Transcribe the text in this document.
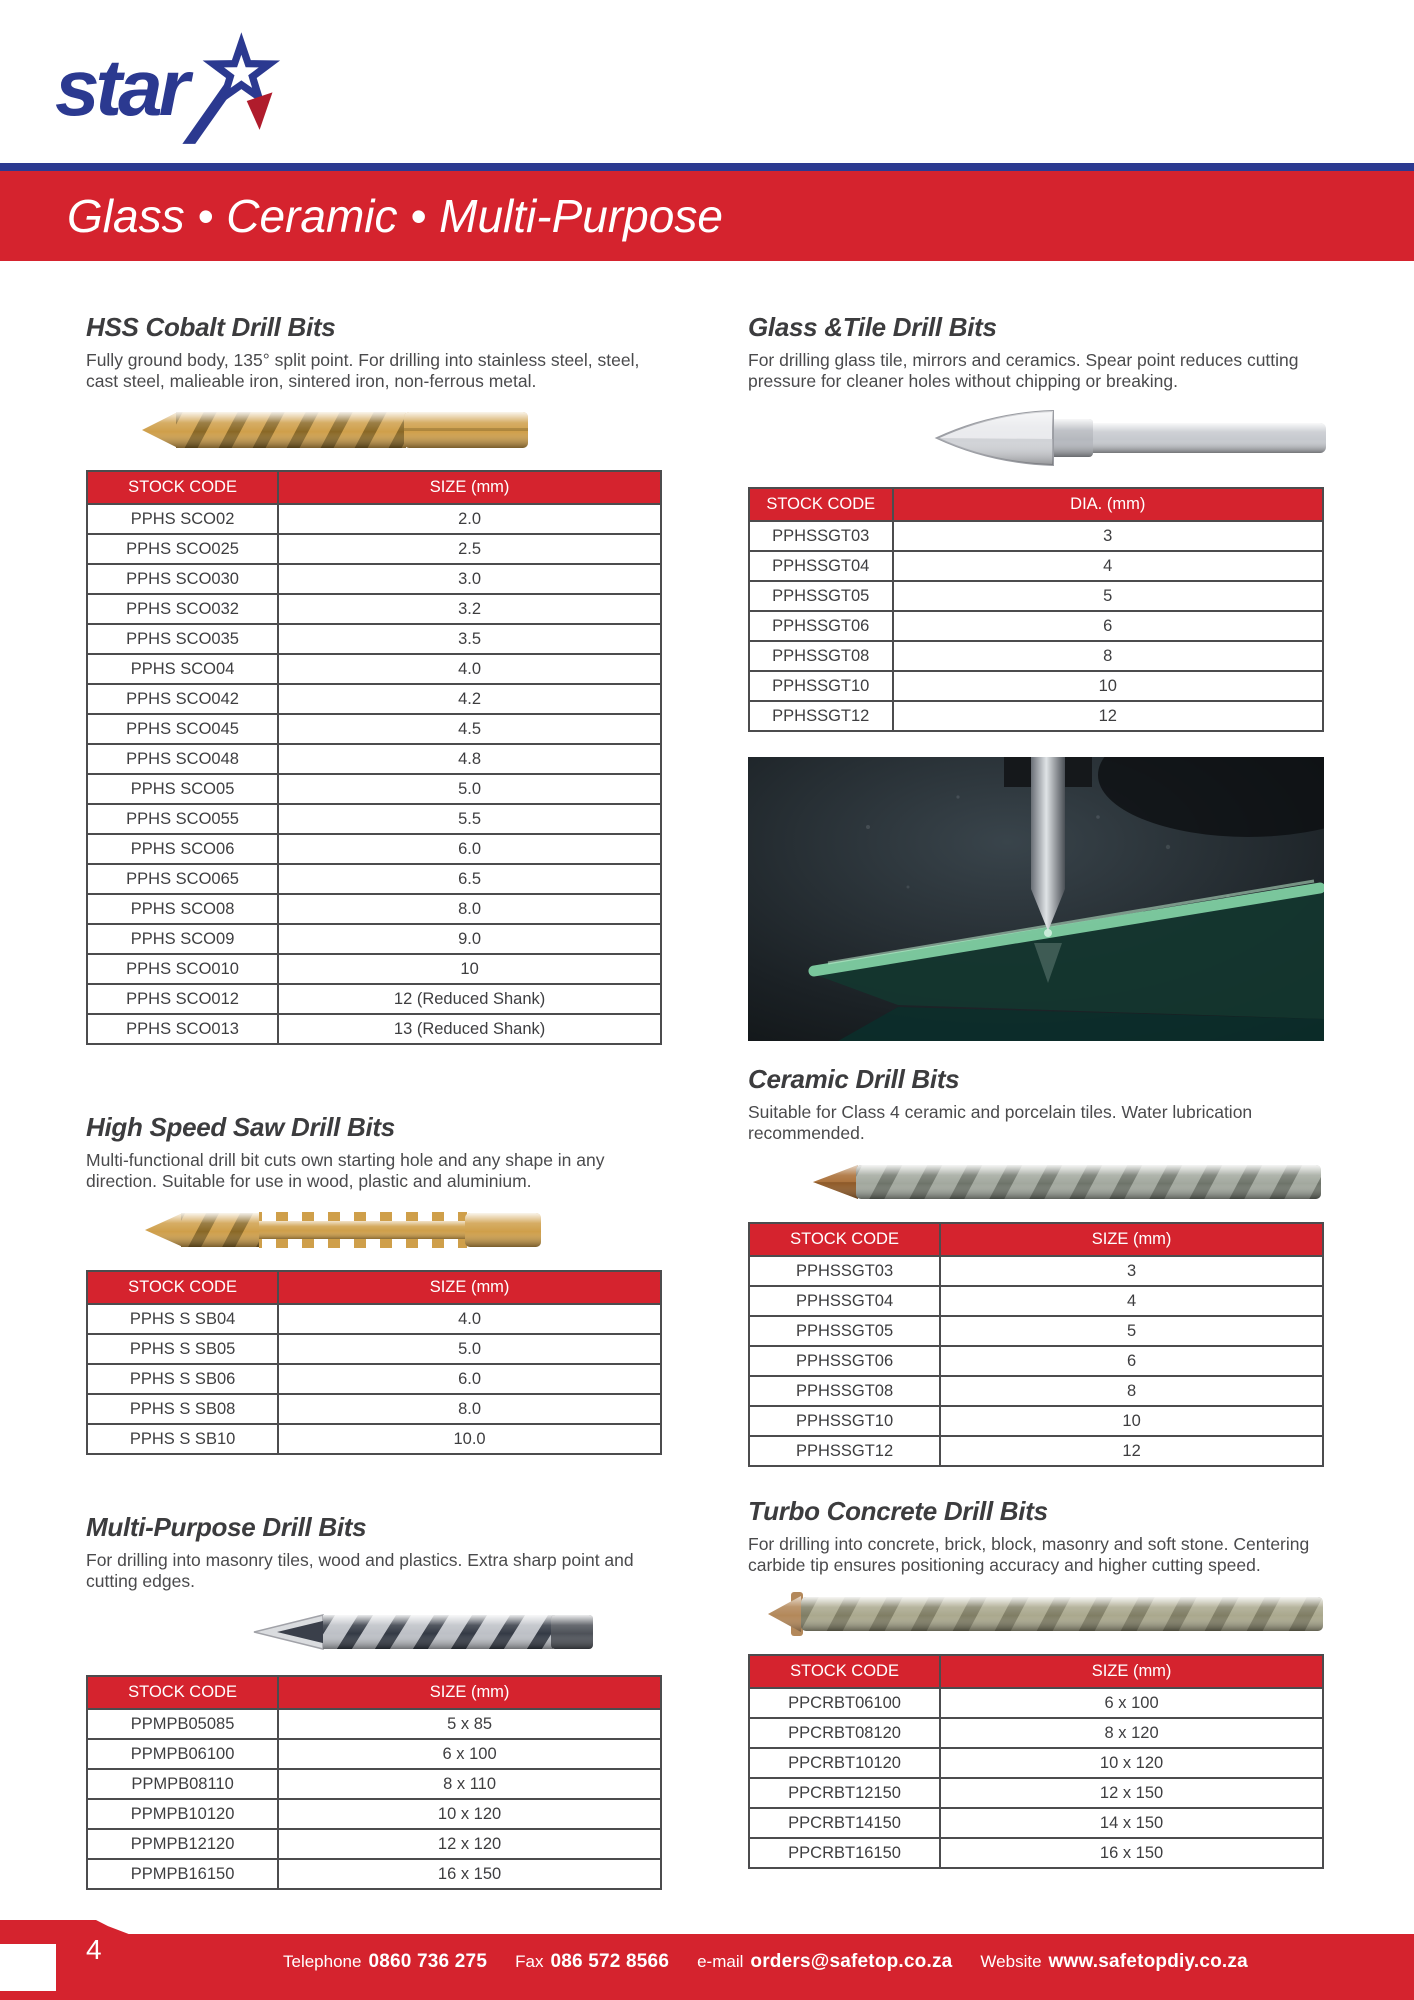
star
Glass • Ceramic • Multi-Purpose
HSS Cobalt Drill Bits

Fully ground body, 135° split point. For drilling into stainless steel, steel, cast steel, malieable iron, sintered iron, non-ferrous metal.

STOCK CODE	SIZE (mm)
PPHS SCO02	2.0
PPHS SCO025	2.5
PPHS SCO030	3.0
PPHS SCO032	3.2
PPHS SCO035	3.5
PPHS SCO04	4.0
PPHS SCO042	4.2
PPHS SCO045	4.5
PPHS SCO048	4.8
PPHS SCO05	5.0
PPHS SCO055	5.5
PPHS SCO06	6.0
PPHS SCO065	6.5
PPHS SCO08	8.0
PPHS SCO09	9.0
PPHS SCO010	10
PPHS SCO012	12 (Reduced Shank)
PPHS SCO013	13 (Reduced Shank)
Glass &Tile Drill Bits

For drilling glass tile, mirrors and ceramics. Spear point reduces cutting pressure for cleaner holes without chipping or breaking.

STOCK CODE	DIA. (mm)
PPHSSGT03	3
PPHSSGT04	4
PPHSSGT05	5
PPHSSGT06	6
PPHSSGT08	8
PPHSSGT10	10
PPHSSGT12	12
Ceramic Drill Bits

Suitable for Class 4 ceramic and porcelain tiles. Water lubrication recommended.

STOCK CODE	SIZE (mm)
PPHSSGT03	3
PPHSSGT04	4
PPHSSGT05	5
PPHSSGT06	6
PPHSSGT08	8
PPHSSGT10	10
PPHSSGT12	12
High Speed Saw Drill Bits

Multi-functional drill bit cuts own starting hole and any shape in any direction. Suitable for use in wood, plastic and aluminium.

STOCK CODE	SIZE (mm)
PPHS S SB04	4.0
PPHS S SB05	5.0
PPHS S SB06	6.0
PPHS S SB08	8.0
PPHS S SB10	10.0
Turbo Concrete Drill Bits

For drilling into concrete, brick, block, masonry and soft stone. Centering carbide tip ensures positioning accuracy and higher cutting speed.

STOCK CODE	SIZE (mm)
PPCRBT06100	6 x 100
PPCRBT08120	8 x 120
PPCRBT10120	10 x 120
PPCRBT12150	12 x 150
PPCRBT14150	14 x 150
PPCRBT16150	16 x 150
Multi-Purpose Drill Bits

For drilling into masonry tiles, wood and plastics. Extra sharp point and cutting edges.

STOCK CODE	SIZE (mm)
PPMPB05085	5 x 85
PPMPB06100	6 x 100
PPMPB08110	8 x 110
PPMPB10120	10 x 120
PPMPB12120	12 x 120
PPMPB16150	16 x 150
4	Telephone 0860 736 275 Fax 086 572 8566 e-mail orders@safetop.co.za Website www.safetopdiy.co.za
